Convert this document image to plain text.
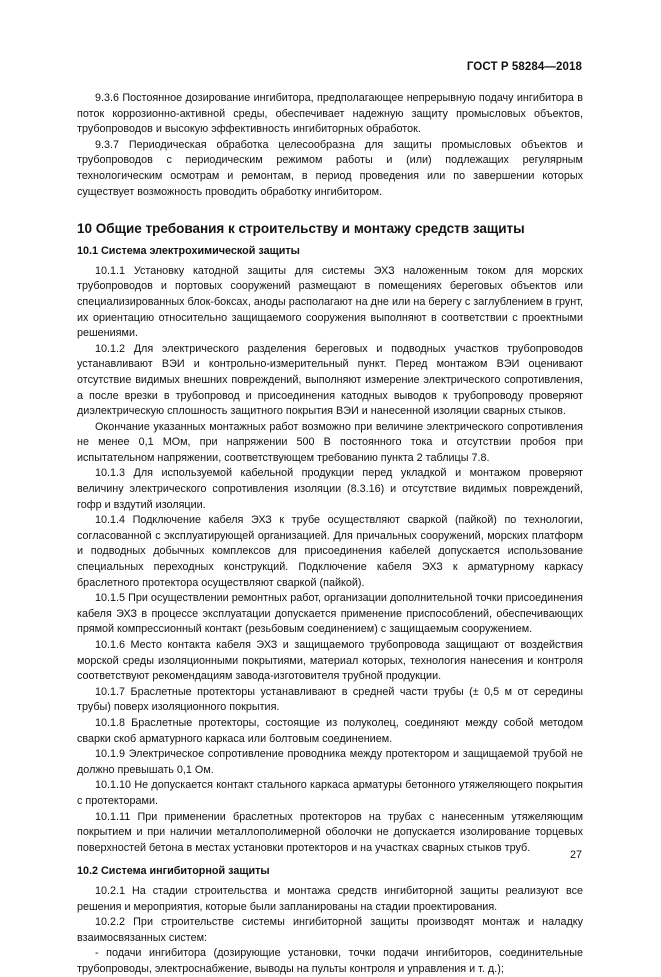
ГОСТ Р 58284—2018

9.3.6 Постоянное дозирование ингибитора, предполагающее непрерывную подачу ингибитора в поток коррозионно-активной среды, обеспечивает надежную защиту промысловых объектов, трубопроводов и высокую эффективность ингибиторных обработок.

9.3.7 Периодическая обработка целесообразна для защиты промысловых объектов и трубопроводов с периодическим режимом работы и (или) подлежащих регулярным технологическим осмотрам и ремонтам, в период проведения или по завершении которых существует возможность проводить обработку ингибитором.

10 Общие требования к строительству и монтажу средств защиты
10.1 Система электрохимической защиты

10.1.1 Установку катодной защиты для системы ЭХЗ наложенным током для морских трубопроводов и портовых сооружений размещают в помещениях береговых объектов или специализированных блок-боксах, аноды располагают на дне или на берегу с заглублением в грунт, их ориентацию относительно защищаемого сооружения выполняют в соответствии с проектными решениями.

10.1.2 Для электрического разделения береговых и подводных участков трубопроводов устанавливают ВЭИ и контрольно-измерительный пункт. Перед монтажом ВЭИ оценивают отсутствие видимых внешних повреждений, выполняют измерение электрического сопротивления, а после врезки в трубопровод и присоединения катодных выводов к трубопроводу проверяют диэлектрическую сплошность защитного покрытия ВЭИ и нанесенной изоляции сварных стыков.

Окончание указанных монтажных работ возможно при величине электрического сопротивления не менее 0,1 МОм, при напряжении 500 В постоянного тока и отсутствии пробоя при испытательном напряжении, соответствующем требованию пункта 2 таблицы 7.8.

10.1.3 Для используемой кабельной продукции перед укладкой и монтажом проверяют величину электрического сопротивления изоляции (8.3.16) и отсутствие видимых повреждений, гофр и вздутий изоляции.

10.1.4 Подключение кабеля ЭХЗ к трубе осуществляют сваркой (пайкой) по технологии, согласованной с эксплуатирующей организацией. Для причальных сооружений, морских платформ и подводных добычных комплексов для присоединения кабелей допускается использование специальных переходных конструкций. Подключение кабеля ЭХЗ к арматурному каркасу браслетного протектора осуществляют сваркой (пайкой).

10.1.5 При осуществлении ремонтных работ, организации дополнительной точки присоединения кабеля ЭХЗ в процессе эксплуатации допускается применение приспособлений, обеспечивающих прямой компрессионный контакт (резьбовым соединением) с защищаемым сооружением.

10.1.6 Место контакта кабеля ЭХЗ и защищаемого трубопровода защищают от воздействия морской среды изоляционными покрытиями, материал которых, технология нанесения и контроля соответствуют рекомендациям завода-изготовителя трубной продукции.

10.1.7 Браслетные протекторы устанавливают в средней части трубы (± 0,5 м от середины трубы) поверх изоляционного покрытия.

10.1.8 Браслетные протекторы, состоящие из полуколец, соединяют между собой методом сварки скоб арматурного каркаса или болтовым соединением.

10.1.9 Электрическое сопротивление проводника между протектором и защищаемой трубой не должно превышать 0,1 Ом.

10.1.10 Не допускается контакт стального каркаса арматуры бетонного утяжеляющего покрытия с протекторами.

10.1.11 При применении браслетных протекторов на трубах с нанесенным утяжеляющим покрытием и при наличии металлополимерной оболочки не допускается изолирование торцевых поверхностей бетона в местах установки протекторов и на участках сварных стыков труб.

10.2 Система ингибиторной защиты

10.2.1 На стадии строительства и монтажа средств ингибиторной защиты реализуют все решения и мероприятия, которые были запланированы на стадии проектирования.

10.2.2 При строительстве системы ингибиторной защиты производят монтаж и наладку взаимосвязанных систем:

- подачи ингибитора (дозирующие установки, точки подачи ингибиторов, соединительные трубопроводы, электроснабжение, выводы на пульты контроля и управления и т. д.);

27
